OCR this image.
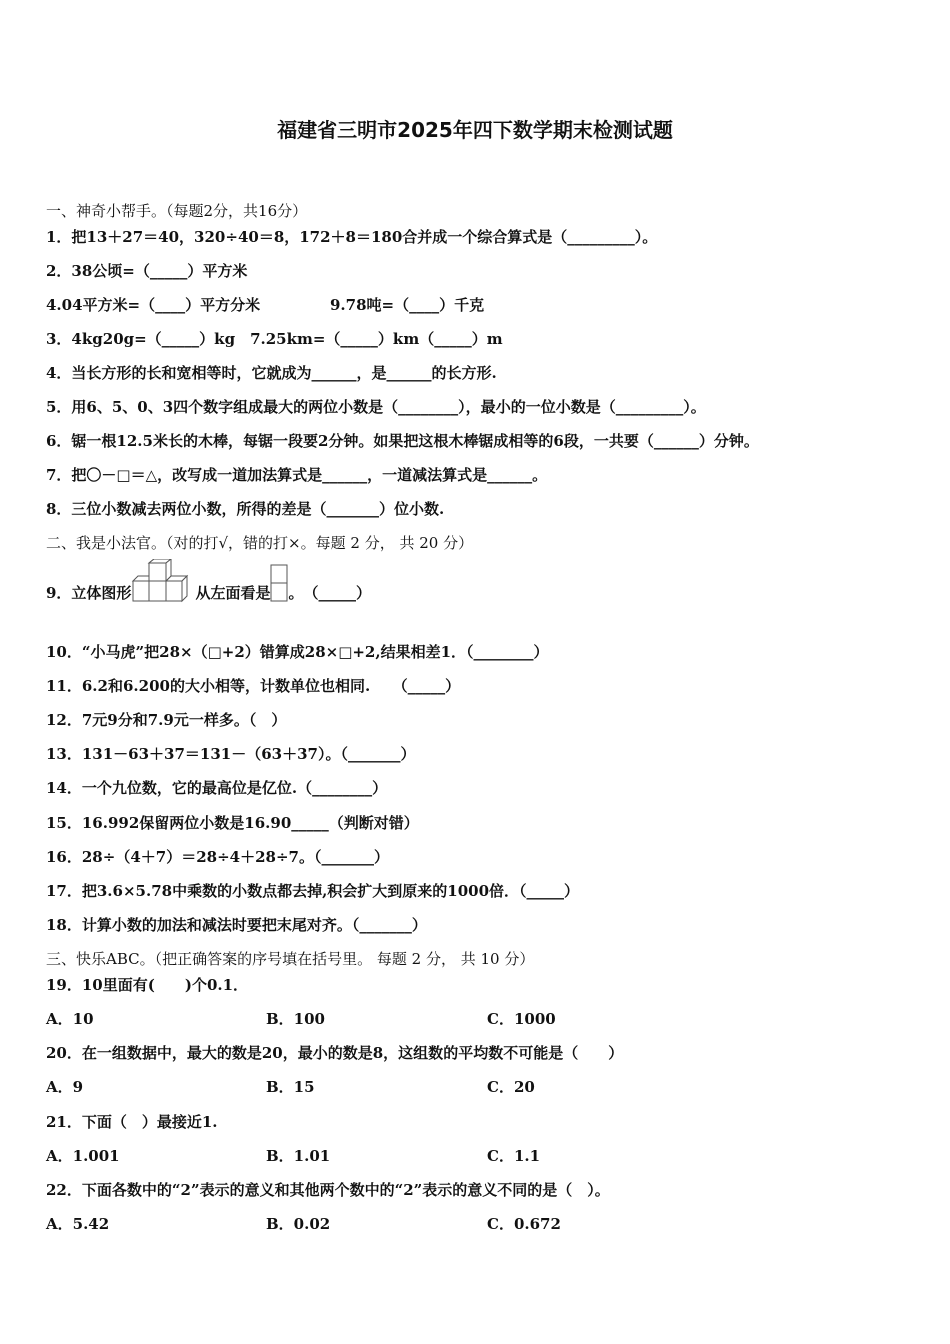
福建省三明市2025年四下数学期末检测试题
一、神奇小帮手。（每题2分，共16分）
1．把13＋27＝40，320÷40＝8，172＋8＝180合并成一个综合算式是（_________）。
2．38公顷=（_____）平方米
4.04平方米=（____）平方分米	9.78吨=（____）千克
3．4kg20g=（_____）kg　7.25km=（_____）km（_____）m
4．当长方形的长和宽相等时，它就成为______，是______的长方形.
5．用6、5、0、3四个数字组成最大的两位小数是（________），最小的一位小数是（_________）。
6．锯一根12.5米长的木棒，每锯一段要2分钟。如果把这根木棒锯成相等的6段，一共要（______）分钟。
7．把〇－□＝△，改写成一道加法算式是______，一道减法算式是______。
8．三位小数减去两位小数，所得的差是（_______）位小数.
二、我是小法官。（对的打√，错的打×。每题 2 分， 共 20 分）
9．立体图形	从左面看是 。　（_____）
10．“小马虎”把28×（□+2）错算成28×□+2,结果相差1．（________）
11．6.2和6.200的大小相等，计数单位也相同.　　（_____）
12．7元9分和7.9元一样多。（　）
13．131－63＋37＝131－（63＋37）。（_______）
14．一个九位数，它的最高位是亿位.（________）
15．16.992保留两位小数是16.90_____（判断对错）
16．28÷（4＋7）＝28÷4＋28÷7。（_______）
17．把3.6×5.78中乘数的小数点都去掉,积会扩大到原来的1000倍．（_____）
18．计算小数的加法和减法时要把末尾对齐。（_______）
三、快乐ABC。（把正确答案的序号填在括号里。 每题 2 分， 共 10 分）
19．10里面有(　　)个0.1．
A．10	B．100	C．1000
20．在一组数据中，最大的数是20，最小的数是8，这组数的平均数不可能是（　　）
A．9	B．15	C．20
21．下面（　）最接近1.
A．1.001	B．1.01	C．1.1
22．下面各数中的“2”表示的意义和其他两个数中的“2”表示的意义不同的是（　）。
A．5.42	B．0.02	C．0.672
